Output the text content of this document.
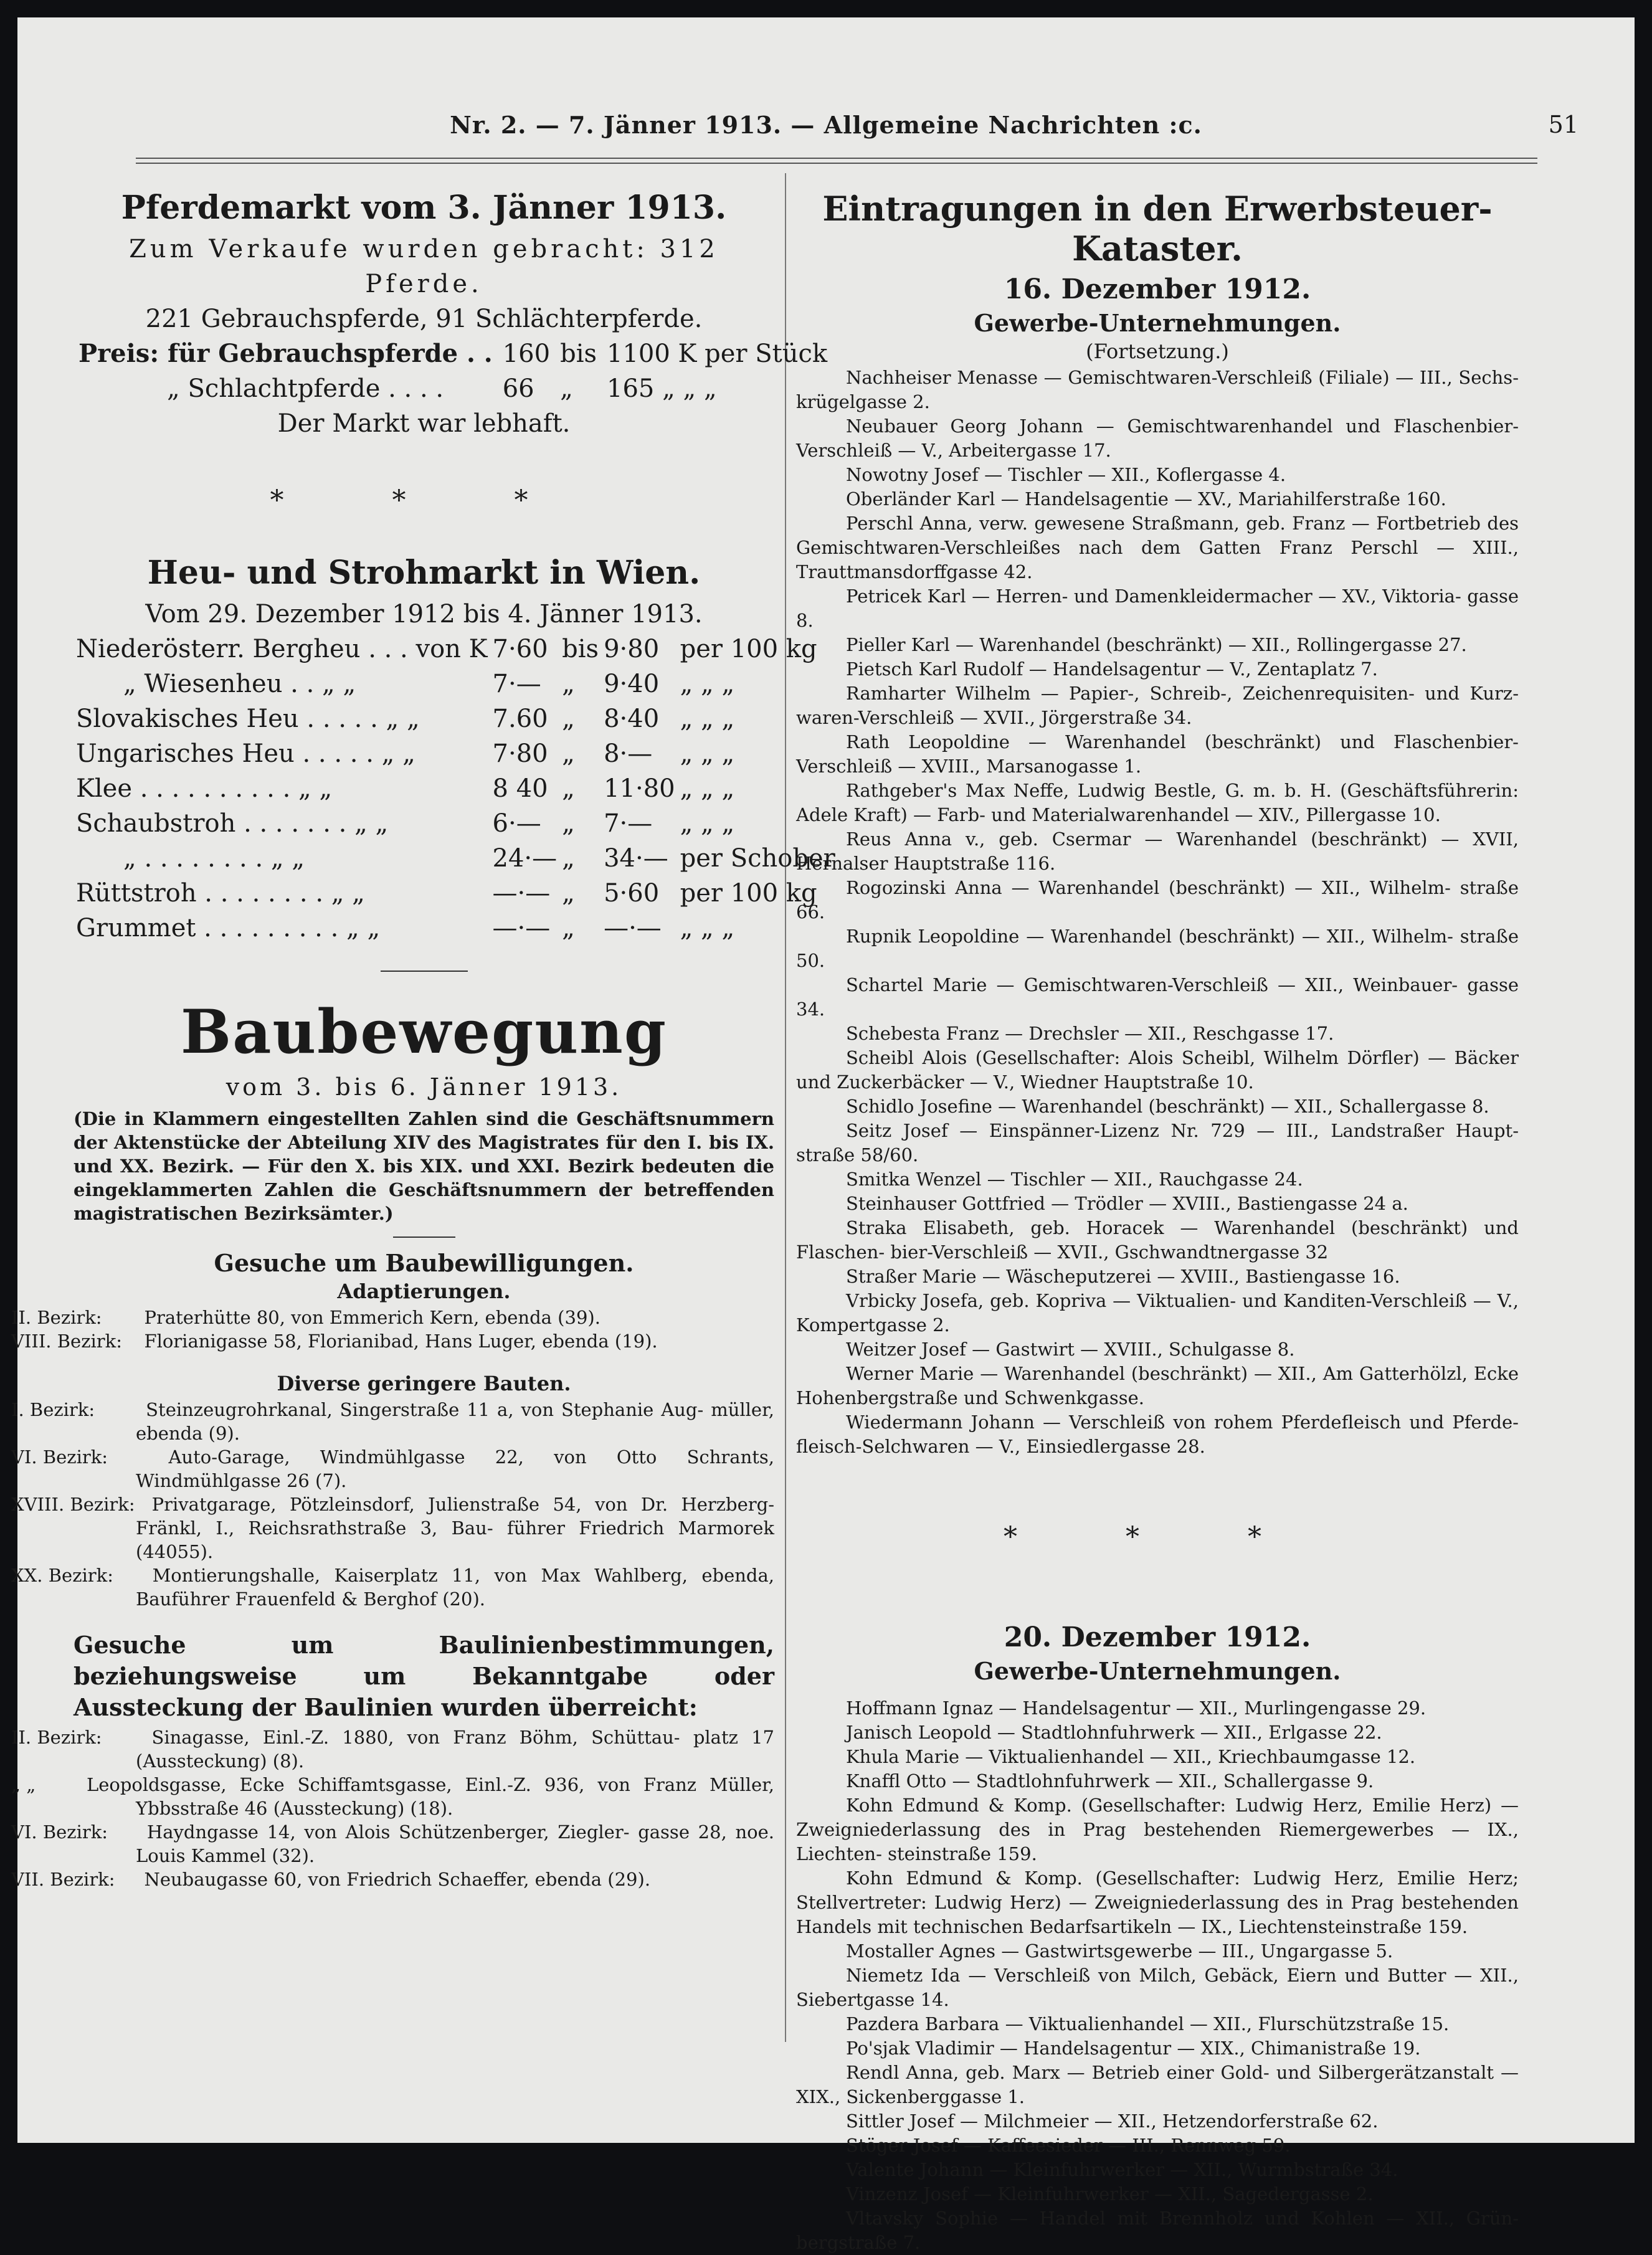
Nr. 2. — 7. Jänner 1913. — Allgemeine Nachrichten :c.	51
Pferdemarkt vom 3. Jänner 1913.

Zum Verkaufe wurden gebracht: 312 Pferde.

221 Gebrauchspferde, 91 Schlächterpferde.

Preis: für Gebrauchspferde . .	160	bis	1100 K per Stück
„ Schlachtpferde . . . .	66	„	165 „ „ „

Der Markt war lebhaft.

* * *
Heu- und Strohmarkt in Wien.

Vom 29. Dezember 1912 bis 4. Jänner 1913.

Niederösterr. Bergheu . . . von K	7·60	bis	9·80	per 100 kg
„ Wiesenheu . . „ „	7·—	„	9·40	„ „ „
Slovakisches Heu . . . . . „ „	7.60	„	8·40	„ „ „
Ungarisches Heu . . . . . „ „	7·80	„	8·—	„ „ „
Klee . . . . . . . . . . „ „	8 40	„	11·80	„ „ „
Schaubstroh . . . . . . . „ „	6·—	„	7·—	„ „ „
„ . . . . . . . . „ „	24·—	„	34·—	per Schober
Rüttstroh . . . . . . . . „ „	—·—	„	5·60	per 100 kg
Grummet . . . . . . . . . „ „	—·—	„	—·—	„ „ „
Baubewegung
vom 3. bis 6. Jänner 1913.

(Die in Klammern eingestellten Zahlen sind die Geschäftsnummern der Aktenstücke der Abteilung XIV des Magistrates für den I. bis IX. und XX. Bezirk. — Für den X. bis XIX. und XXI. Bezirk bedeuten die eingeklammerten Zahlen die Geschäftsnummern der betreffenden magistratischen Bezirksämter.)

Gesuche um Baubewilligungen.
Adaptierungen.

II. Bezirk: Praterhütte 80, von Emmerich Kern, ebenda (39).

VIII. Bezirk: Florianigasse 58, Florianibad, Hans Luger, ebenda (19).

Diverse geringere Bauten.

I. Bezirk:	Steinzeugrohrkanal, Singerstraße 11 a, von Stephanie Aug- müller, ebenda (9).

VI. Bezirk:	Auto-Garage, Windmühlgasse 22, von Otto Schrants, Windmühlgasse 26 (7).

XVIII. Bezirk: Privatgarage, Pötzleinsdorf, Julienstraße 54, von Dr. Herzberg-Fränkl, I., Reichsrathstraße 3, Bau- führer Friedrich Marmorek (44055).

XX. Bezirk: Montierungshalle, Kaiserplatz 11, von Max Wahlberg, ebenda, Bauführer Frauenfeld & Berghof (20).

Gesuche um Baulinienbestimmungen, beziehungsweise um Bekanntgabe oder Aussteckung der Baulinien wurden überreicht:

II. Bezirk:	Sinagasse, Einl.-Z. 1880, von Franz Böhm, Schüttau- platz 17 (Aussteckung) (8).

„ „	Leopoldsgasse, Ecke Schiffamtsgasse, Einl.-Z. 936, von Franz Müller, Ybbsstraße 46 (Aussteckung) (18).

VI. Bezirk: Haydngasse 14, von Alois Schützenberger, Ziegler- gasse 28, noe. Louis Kammel (32).

VII. Bezirk: Neubaugasse 60, von Friedrich Schaeffer, ebenda (29).

Eintragungen in den Erwerbsteuer-Kataster.
16. Dezember 1912.
Gewerbe-Unternehmungen.
(Fortsetzung.)

Nachheiser Menasse — Gemischtwaren-Verschleiß (Filiale) — III., Sechs- krügelgasse 2.

Neubauer Georg Johann — Gemischtwarenhandel und Flaschenbier- Verschleiß — V., Arbeitergasse 17.

Nowotny Josef — Tischler — XII., Koflergasse 4.

Oberländer Karl — Handelsagentie — XV., Mariahilferstraße 160.

Perschl Anna, verw. gewesene Straßmann, geb. Franz — Fortbetrieb des Gemischtwaren-Verschleißes nach dem Gatten Franz Perschl — XIII., Trauttmansdorffgasse 42.

Petricek Karl — Herren- und Damenkleidermacher — XV., Viktoria- gasse 8.

Pieller Karl — Warenhandel (beschränkt) — XII., Rollingergasse 27.

Pietsch Karl Rudolf — Handelsagentur — V., Zentaplatz 7.

Ramharter Wilhelm — Papier-, Schreib-, Zeichenrequisiten- und Kurz- waren-Verschleiß — XVII., Jörgerstraße 34.

Rath Leopoldine — Warenhandel (beschränkt) und Flaschenbier-Verschleiß — XVIII., Marsanogasse 1.

Rathgeber's Max Neffe, Ludwig Bestle, G. m. b. H. (Geschäftsführerin: Adele Kraft) — Farb- und Materialwarenhandel — XIV., Pillergasse 10.

Reus Anna v., geb. Csermar — Warenhandel (beschränkt) — XVII, Hernalser Hauptstraße 116.

Rogozinski Anna — Warenhandel (beschränkt) — XII., Wilhelm- straße 66.

Rupnik Leopoldine — Warenhandel (beschränkt) — XII., Wilhelm- straße 50.

Schartel Marie — Gemischtwaren-Verschleiß — XII., Weinbauer- gasse 34.

Schebesta Franz — Drechsler — XII., Reschgasse 17.

Scheibl Alois (Gesellschafter: Alois Scheibl, Wilhelm Dörfler) — Bäcker und Zuckerbäcker — V., Wiedner Hauptstraße 10.

Schidlo Josefine — Warenhandel (beschränkt) — XII., Schallergasse 8.

Seitz Josef — Einspänner-Lizenz Nr. 729 — III., Landstraßer Haupt- straße 58/60.

Smitka Wenzel — Tischler — XII., Rauchgasse 24.

Steinhauser Gottfried — Trödler — XVIII., Bastiengasse 24 a.

Straka Elisabeth, geb. Horacek — Warenhandel (beschränkt) und Flaschen- bier-Verschleiß — XVII., Gschwandtnergasse 32

Straßer Marie — Wäscheputzerei — XVIII., Bastiengasse 16.

Vrbicky Josefa, geb. Kopriva — Viktualien- und Kanditen-Verschleiß — V., Kompertgasse 2.

Weitzer Josef — Gastwirt — XVIII., Schulgasse 8.

Werner Marie — Warenhandel (beschränkt) — XII., Am Gatterhölzl, Ecke Hohenbergstraße und Schwenkgasse.

Wiedermann Johann — Verschleiß von rohem Pferdefleisch und Pferde- fleisch-Selchwaren — V., Einsiedlergasse 28.

* * *
20. Dezember 1912.
Gewerbe-Unternehmungen.

Hoffmann Ignaz — Handelsagentur — XII., Murlingengasse 29.

Janisch Leopold — Stadtlohnfuhrwerk — XII., Erlgasse 22.

Khula Marie — Viktualienhandel — XII., Kriechbaumgasse 12.

Knaffl Otto — Stadtlohnfuhrwerk — XII., Schallergasse 9.

Kohn Edmund & Komp. (Gesellschafter: Ludwig Herz, Emilie Herz) — Zweigniederlassung des in Prag bestehenden Riemergewerbes — IX., Liechten- steinstraße 159.

Kohn Edmund & Komp. (Gesellschafter: Ludwig Herz, Emilie Herz; Stellvertreter: Ludwig Herz) — Zweigniederlassung des in Prag bestehenden Handels mit technischen Bedarfsartikeln — IX., Liechtensteinstraße 159.

Mostaller Agnes — Gastwirtsgewerbe — III., Ungargasse 5.

Niemetz Ida — Verschleiß von Milch, Gebäck, Eiern und Butter — XII., Siebertgasse 14.

Pazdera Barbara — Viktualienhandel — XII., Flurschützstraße 15.

Po'sjak Vladimir — Handelsagentur — XIX., Chimanistraße 19.

Rendl Anna, geb. Marx — Betrieb einer Gold- und Silbergerätzanstalt — XIX., Sickenberggasse 1.

Sittler Josef — Milchmeier — XII., Hetzendorferstraße 62.

Stöger Josef — Kaffeesieder — III., Rennweg 59.

Valente Johann — Kleinfuhrwerker — XII., Wurmbstraße 34.

Vinzenz Josef — Kleinfuhrwerker — XII., Sagedergasse 2.

Vltavsky Sophie — Handel mit Brennholz und Kohlen — XII., Grün- bergstraße 7.
